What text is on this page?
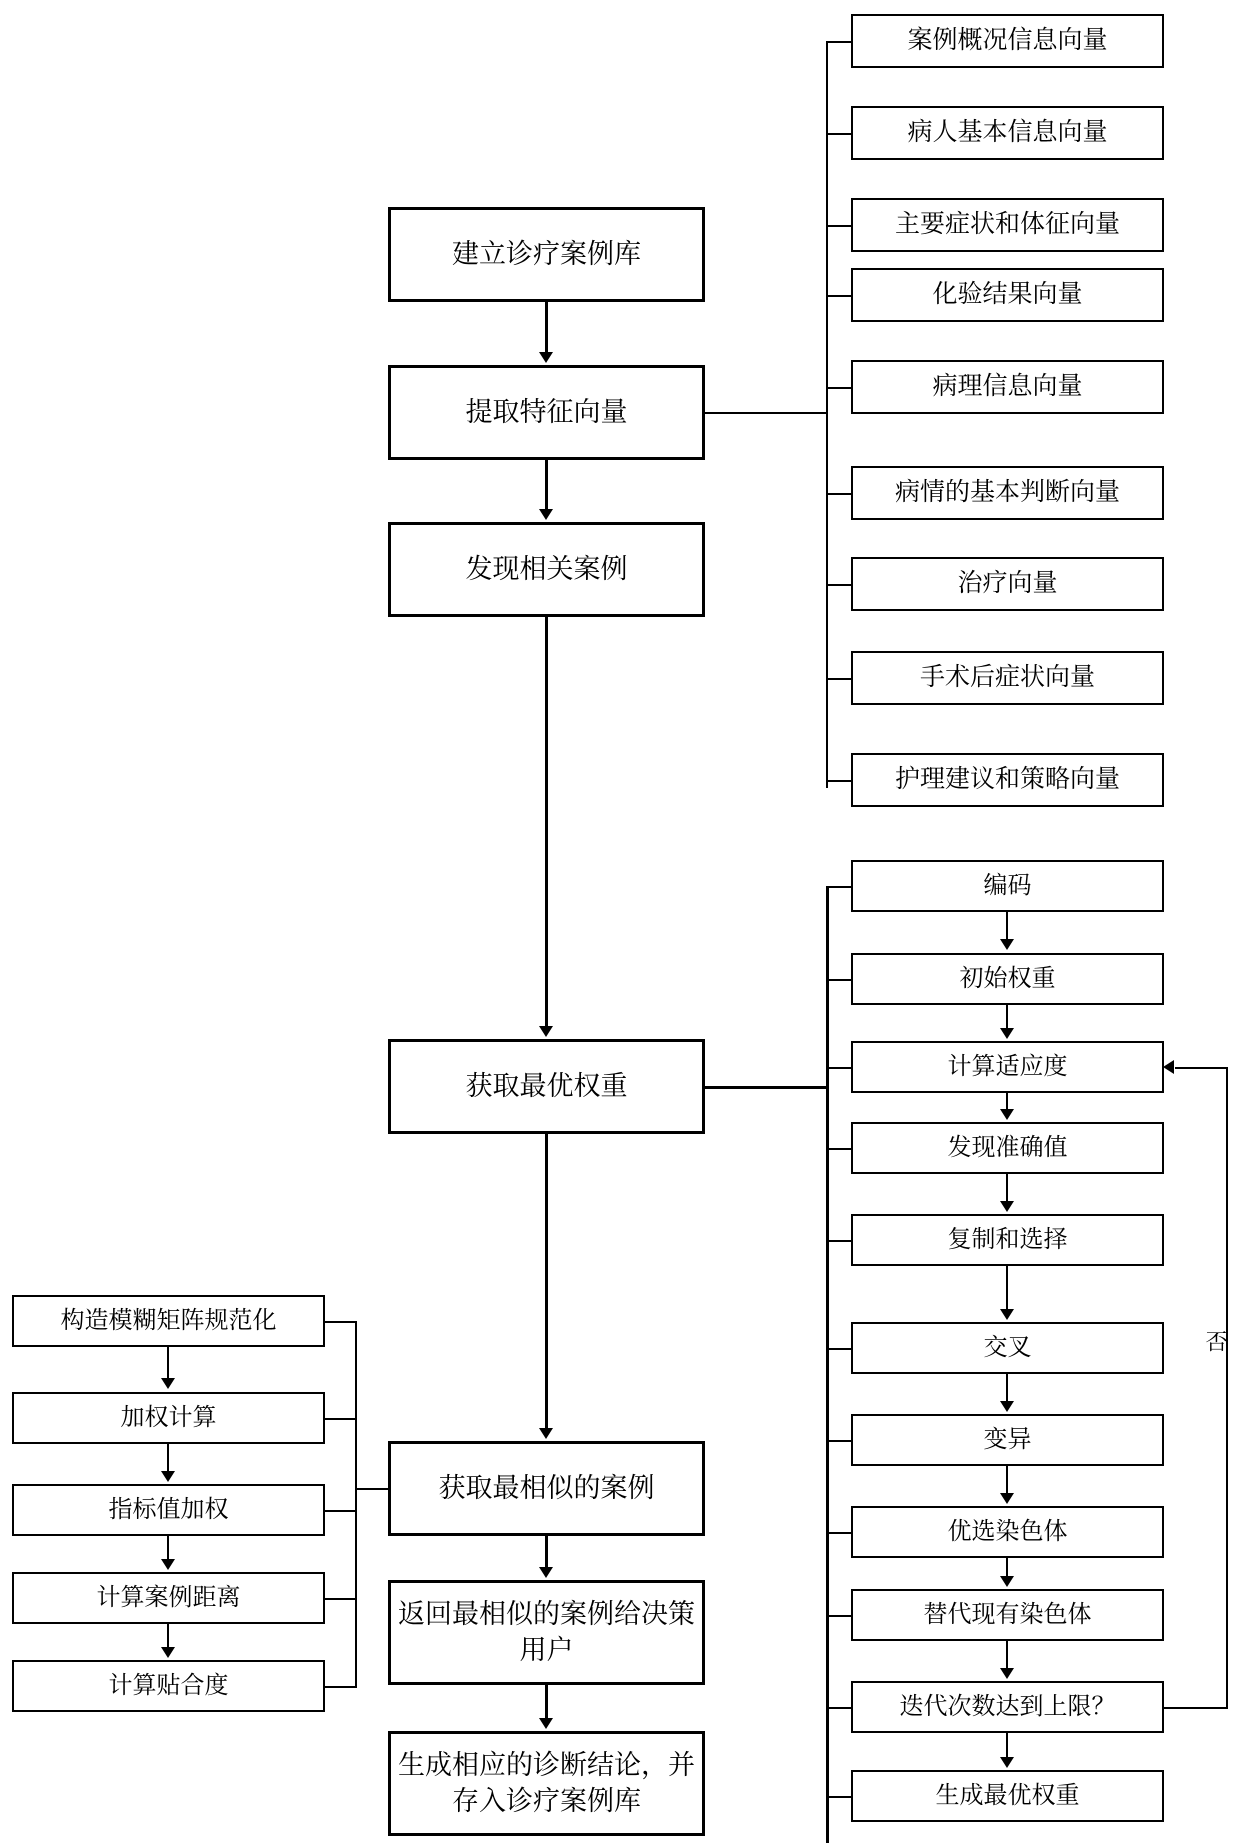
建立诊疗案例库
提取特征向量
发现相关案例
获取最优权重
获取最相似的案例
返回最相似的案例给决策用户
生成相应的诊断结论，并存入诊疗案例库
案例概况信息向量
病人基本信息向量
主要症状和体征向量
化验结果向量
病理信息向量
病情的基本判断向量
治疗向量
手术后症状向量
护理建议和策略向量
编码
初始权重
计算适应度
发现准确值
复制和选择
交叉
变异
优选染色体
替代现有染色体
迭代次数达到上限？
生成最优权重
否
构造模糊矩阵规范化
加权计算
指标值加权
计算案例距离
计算贴合度
